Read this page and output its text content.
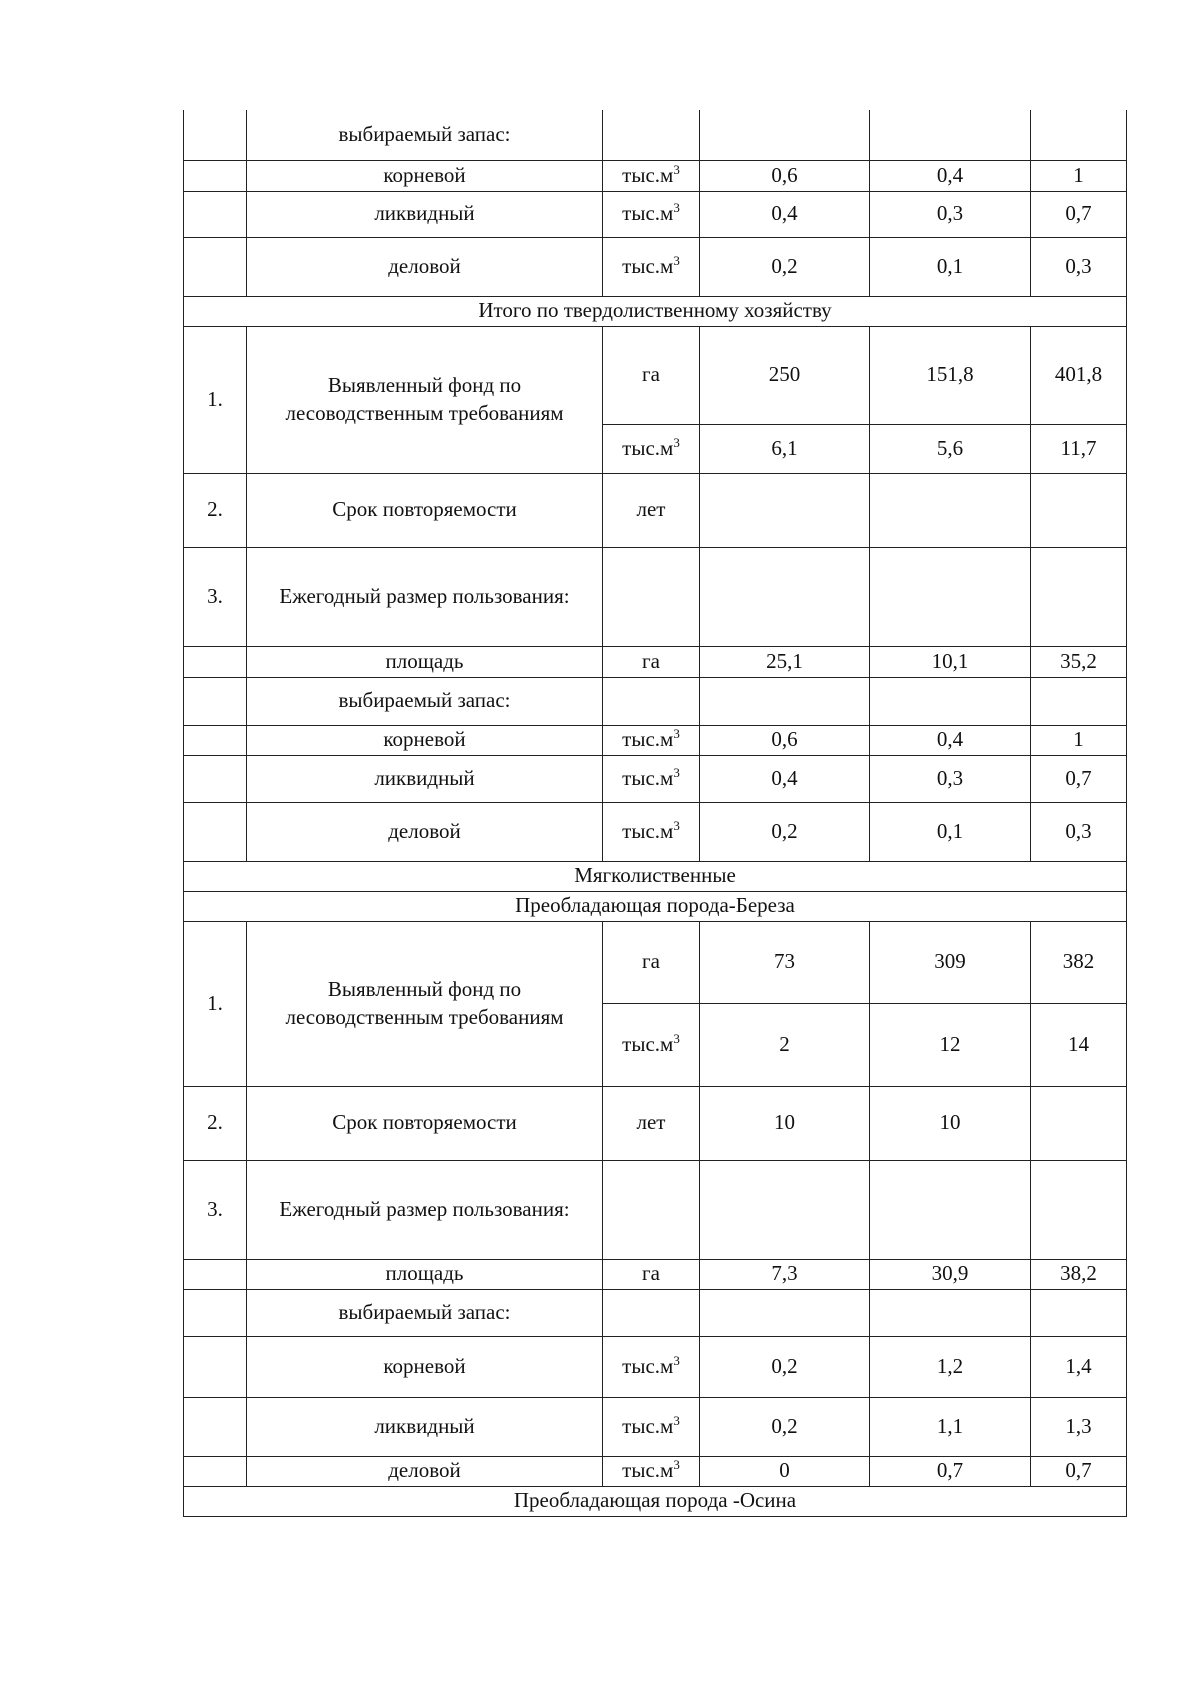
	выбираемый запас:				
	корневой	$тыс.м^3$	0,6	0,4	1
	ликвидный	$тыс.м^3$	0,4	0,3	0,7
	деловой	$тыс.м^3$	0,2	0,1	0,3
Итого по твердолиственному хозяйству					
1.	Выявленный фонд по лесоводственным требованиям	га	250	151,8	401,8
		$тыс.м^3$	6,1	5,6	11,7
2.	Срок повторяемости	лет			
3.	Ежегодный размер пользования:				
	площадь	га	25,1	10,1	35,2
	выбираемый запас:				
	корневой	$тыс.м^3$	0,6	0,4	1
	ликвидный	$тыс.м^3$	0,4	0,3	0,7
	деловой	$тыс.м^3$	0,2	0,1	0,3
Мягколиственные					
Преобладающая порода-Береза					
1.	Выявленный фонд по лесоводственным требованиям	га	73	309	382
		$тыс.м^3$	2	12	14
2.	Срок повторяемости	лет	10	10	
3.	Ежегодный размер пользования:				
	площадь	га	7,3	30,9	38,2
	выбираемый запас:				
	корневой	$тыс.м^3$	0,2	1,2	1,4
	ликвидный	$тыс.м^3$	0,2	1,1	1,3
	деловой	$тыс.м^3$	0	0,7	0,7
Преобладающая порода -Осина					
